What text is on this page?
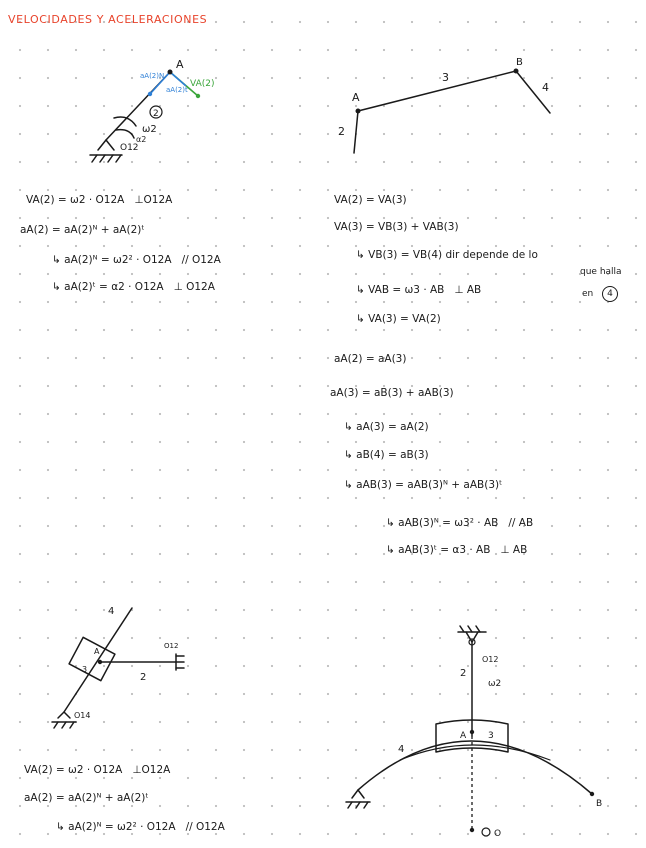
VELOCIDADES Y ACELERACIONES
A
VA(2)
aA(2)N
aA(2)t
2
ω2
α2
O12
A
B
2
3
4
VA(2) = ω2 · O12A   ⊥O12A
aA(2) = aA(2)ᴺ + aA(2)ᵗ
↳ aA(2)ᴺ = ω2² · O12A   // O12A
↳ aA(2)ᵗ = α2 · O12A   ⊥ O12A
VA(2) = VA(3)
VA(3) = VB(3) + VAB(3)
↳ VB(3) = VB(4) dir depende de lo
que halla
en	4
↳ VAB = ω3 · AB   ⊥ AB
↳ VA(3) = VA(2)
aA(2) = aA(3)
aA(3) = aB(3) + aAB(3)
↳ aA(3) = aA(2)
↳ aB(4) = aB(3)
↳ aAB(3) = aAB(3)ᴺ + aAB(3)ᵗ
↳ aAB(3)ᴺ = ω3² · AB   // AB
↳ aAB(3)ᵗ = α3 · AB   ⊥ AB
4
A
3
2
O12
O14
O12
2
ω2
A 3
4
B
O
VA(2) = ω2 · O12A   ⊥O12A
aA(2) = aA(2)ᴺ + aA(2)ᵗ
↳ aA(2)ᴺ = ω2² · O12A   // O12A
